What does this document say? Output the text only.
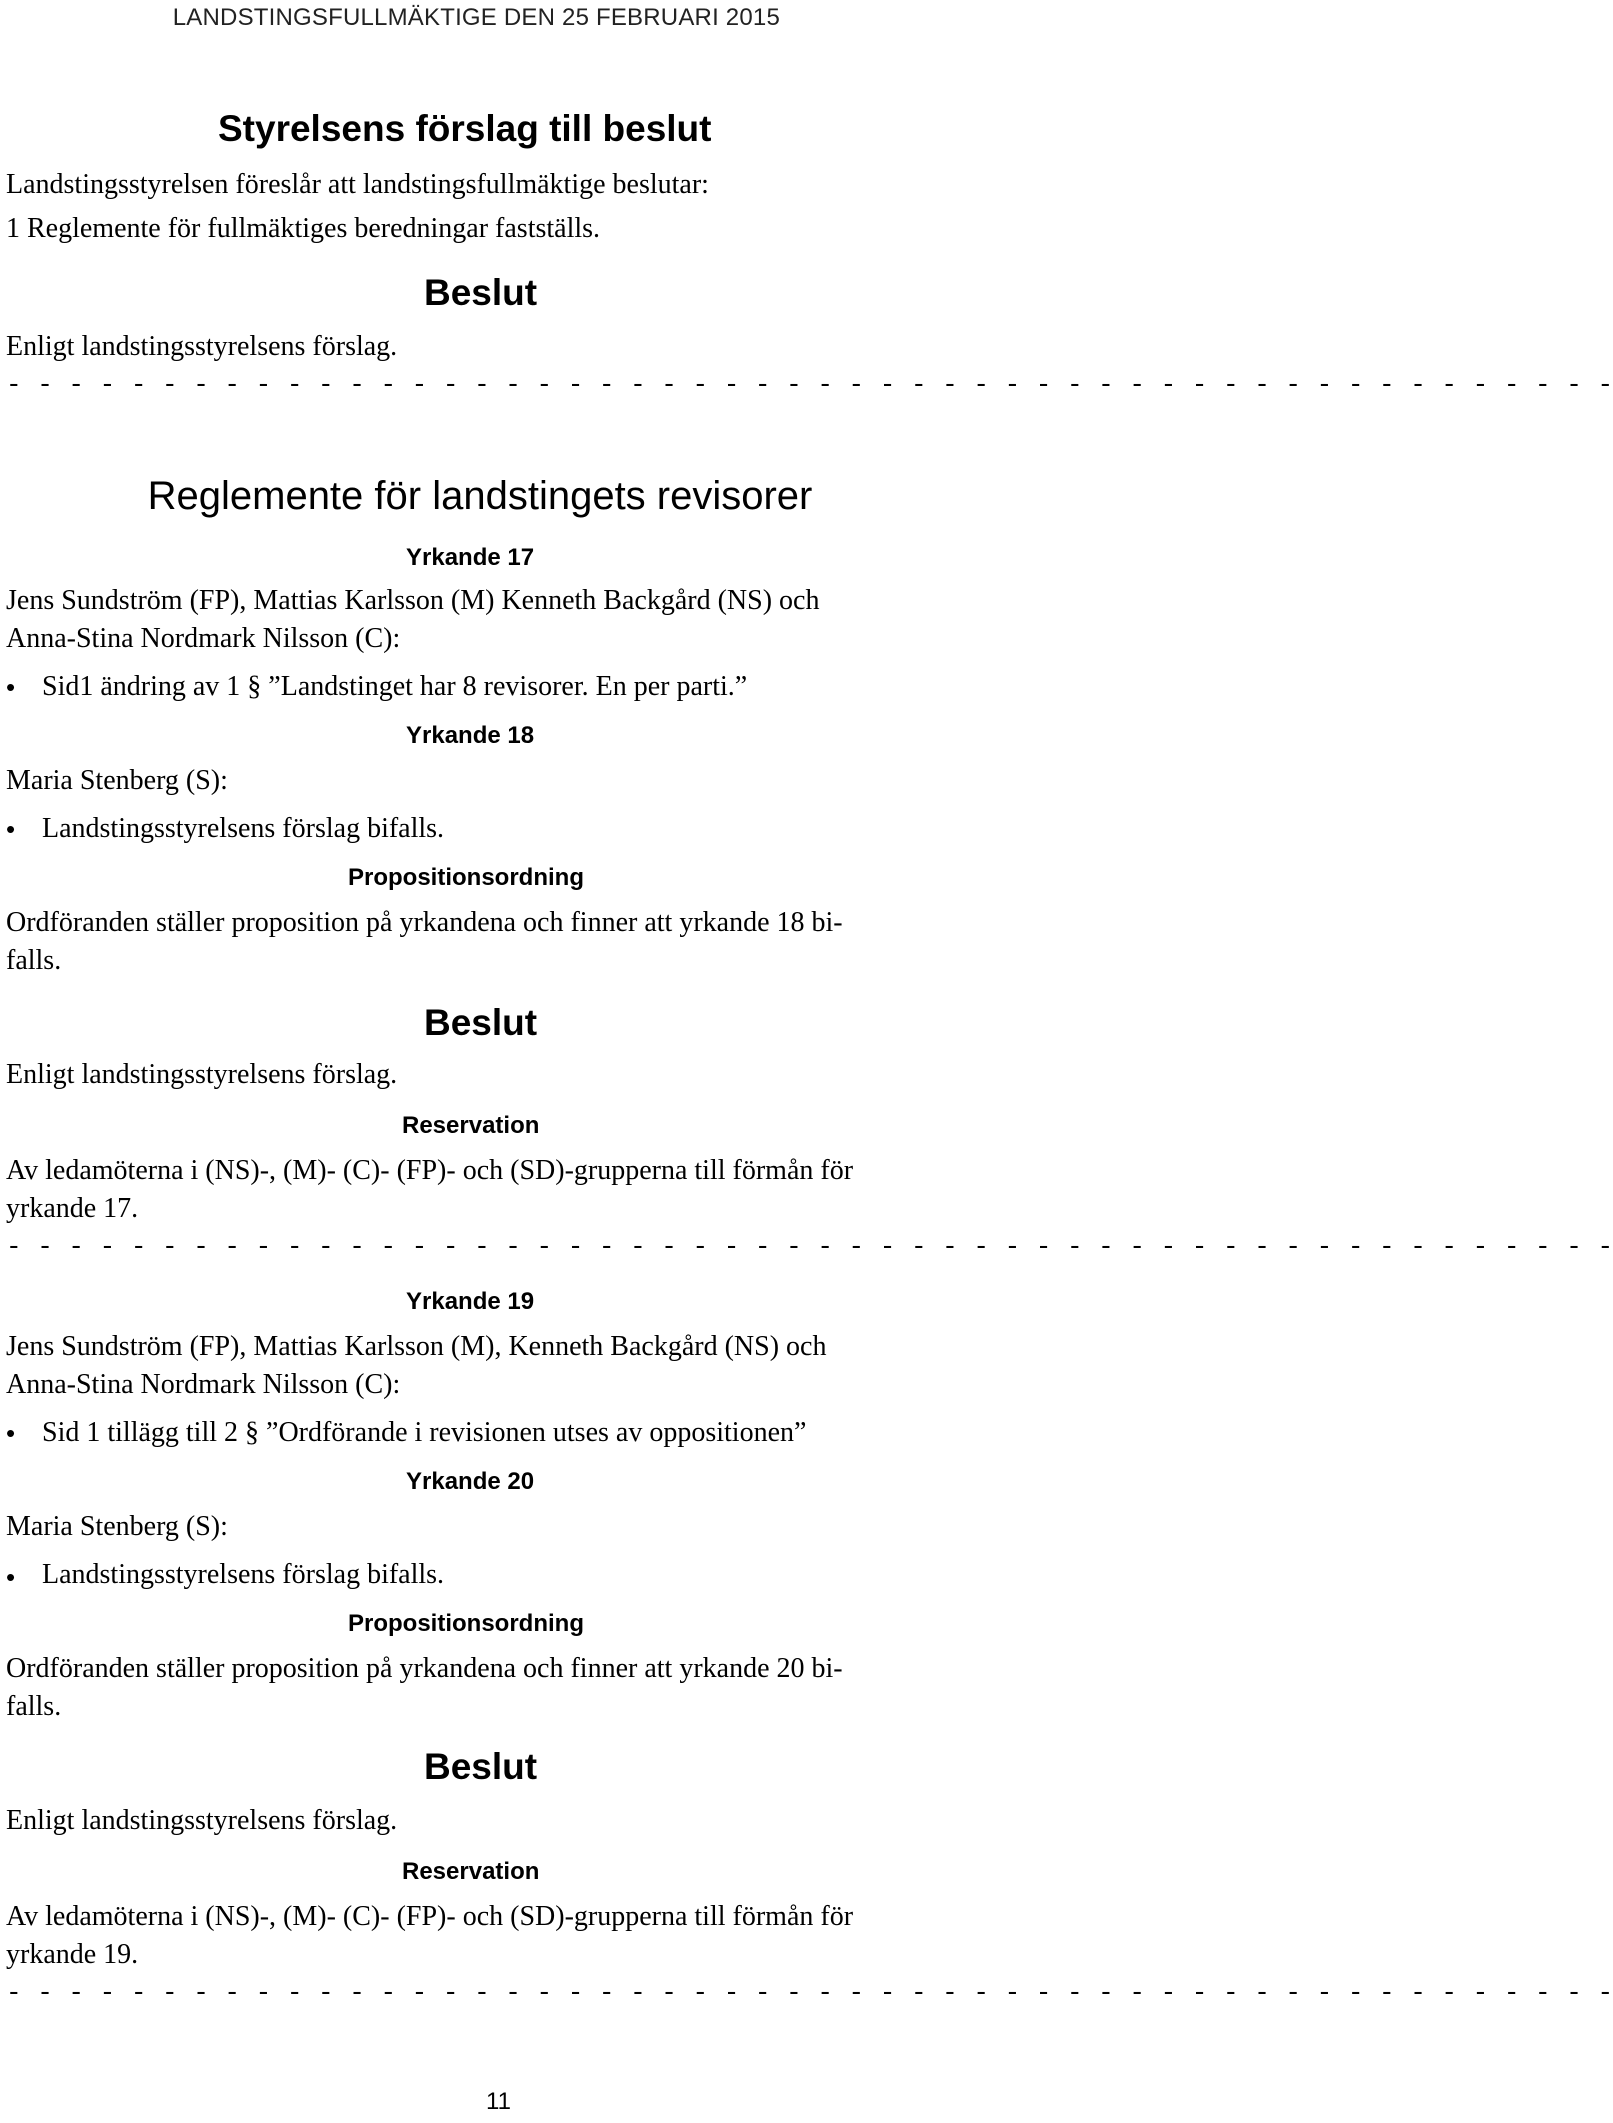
LANDSTINGSFULLMÄKTIGE DEN 25 FEBRUARI 2015
Styrelsens förslag till beslut
Landstingsstyrelsen föreslår att landstingsfullmäktige beslutar:
1 Reglemente för fullmäktiges beredningar fastställs.
Beslut
Enligt landstingsstyrelsens förslag.
- - - - - - - - - - - - - - - - - - - - - - - - - - - - - - - - - - - - - - - - - - - - - - - - - - - -
Reglemente för landstingets revisorer
Yrkande 17
Jens Sundström (FP), Mattias Karlsson (M) Kenneth Backgård (NS) och
Anna-Stina Nordmark Nilsson (C):
• Sid1 ändring av 1 § ”Landstinget har 8 revisorer. En per parti.”
Yrkande 18
Maria Stenberg (S):
• Landstingsstyrelsens förslag bifalls.
Propositionsordning
Ordföranden ställer proposition på yrkandena och finner att yrkande 18 bi-
falls.
Beslut
Enligt landstingsstyrelsens förslag.
Reservation
Av ledamöterna i (NS)-, (M)- (C)- (FP)- och (SD)-grupperna till förmån för
yrkande 17.
- - - - - - - - - - - - - - - - - - - - - - - - - - - - - - - - - - - - - - - - - - - - - - - - - - - -
Yrkande 19
Jens Sundström (FP), Mattias Karlsson (M), Kenneth Backgård (NS) och
Anna-Stina Nordmark Nilsson (C):
• Sid 1 tillägg till 2 § ”Ordförande i revisionen utses av oppositionen”
Yrkande 20
Maria Stenberg (S):
• Landstingsstyrelsens förslag bifalls.
Propositionsordning
Ordföranden ställer proposition på yrkandena och finner att yrkande 20 bi-
falls.
Beslut
Enligt landstingsstyrelsens förslag.
Reservation
Av ledamöterna i (NS)-, (M)- (C)- (FP)- och (SD)-grupperna till förmån för
yrkande 19.
- - - - - - - - - - - - - - - - - - - - - - - - - - - - - - - - - - - - - - - - - - - - - - - - - - - -
11
